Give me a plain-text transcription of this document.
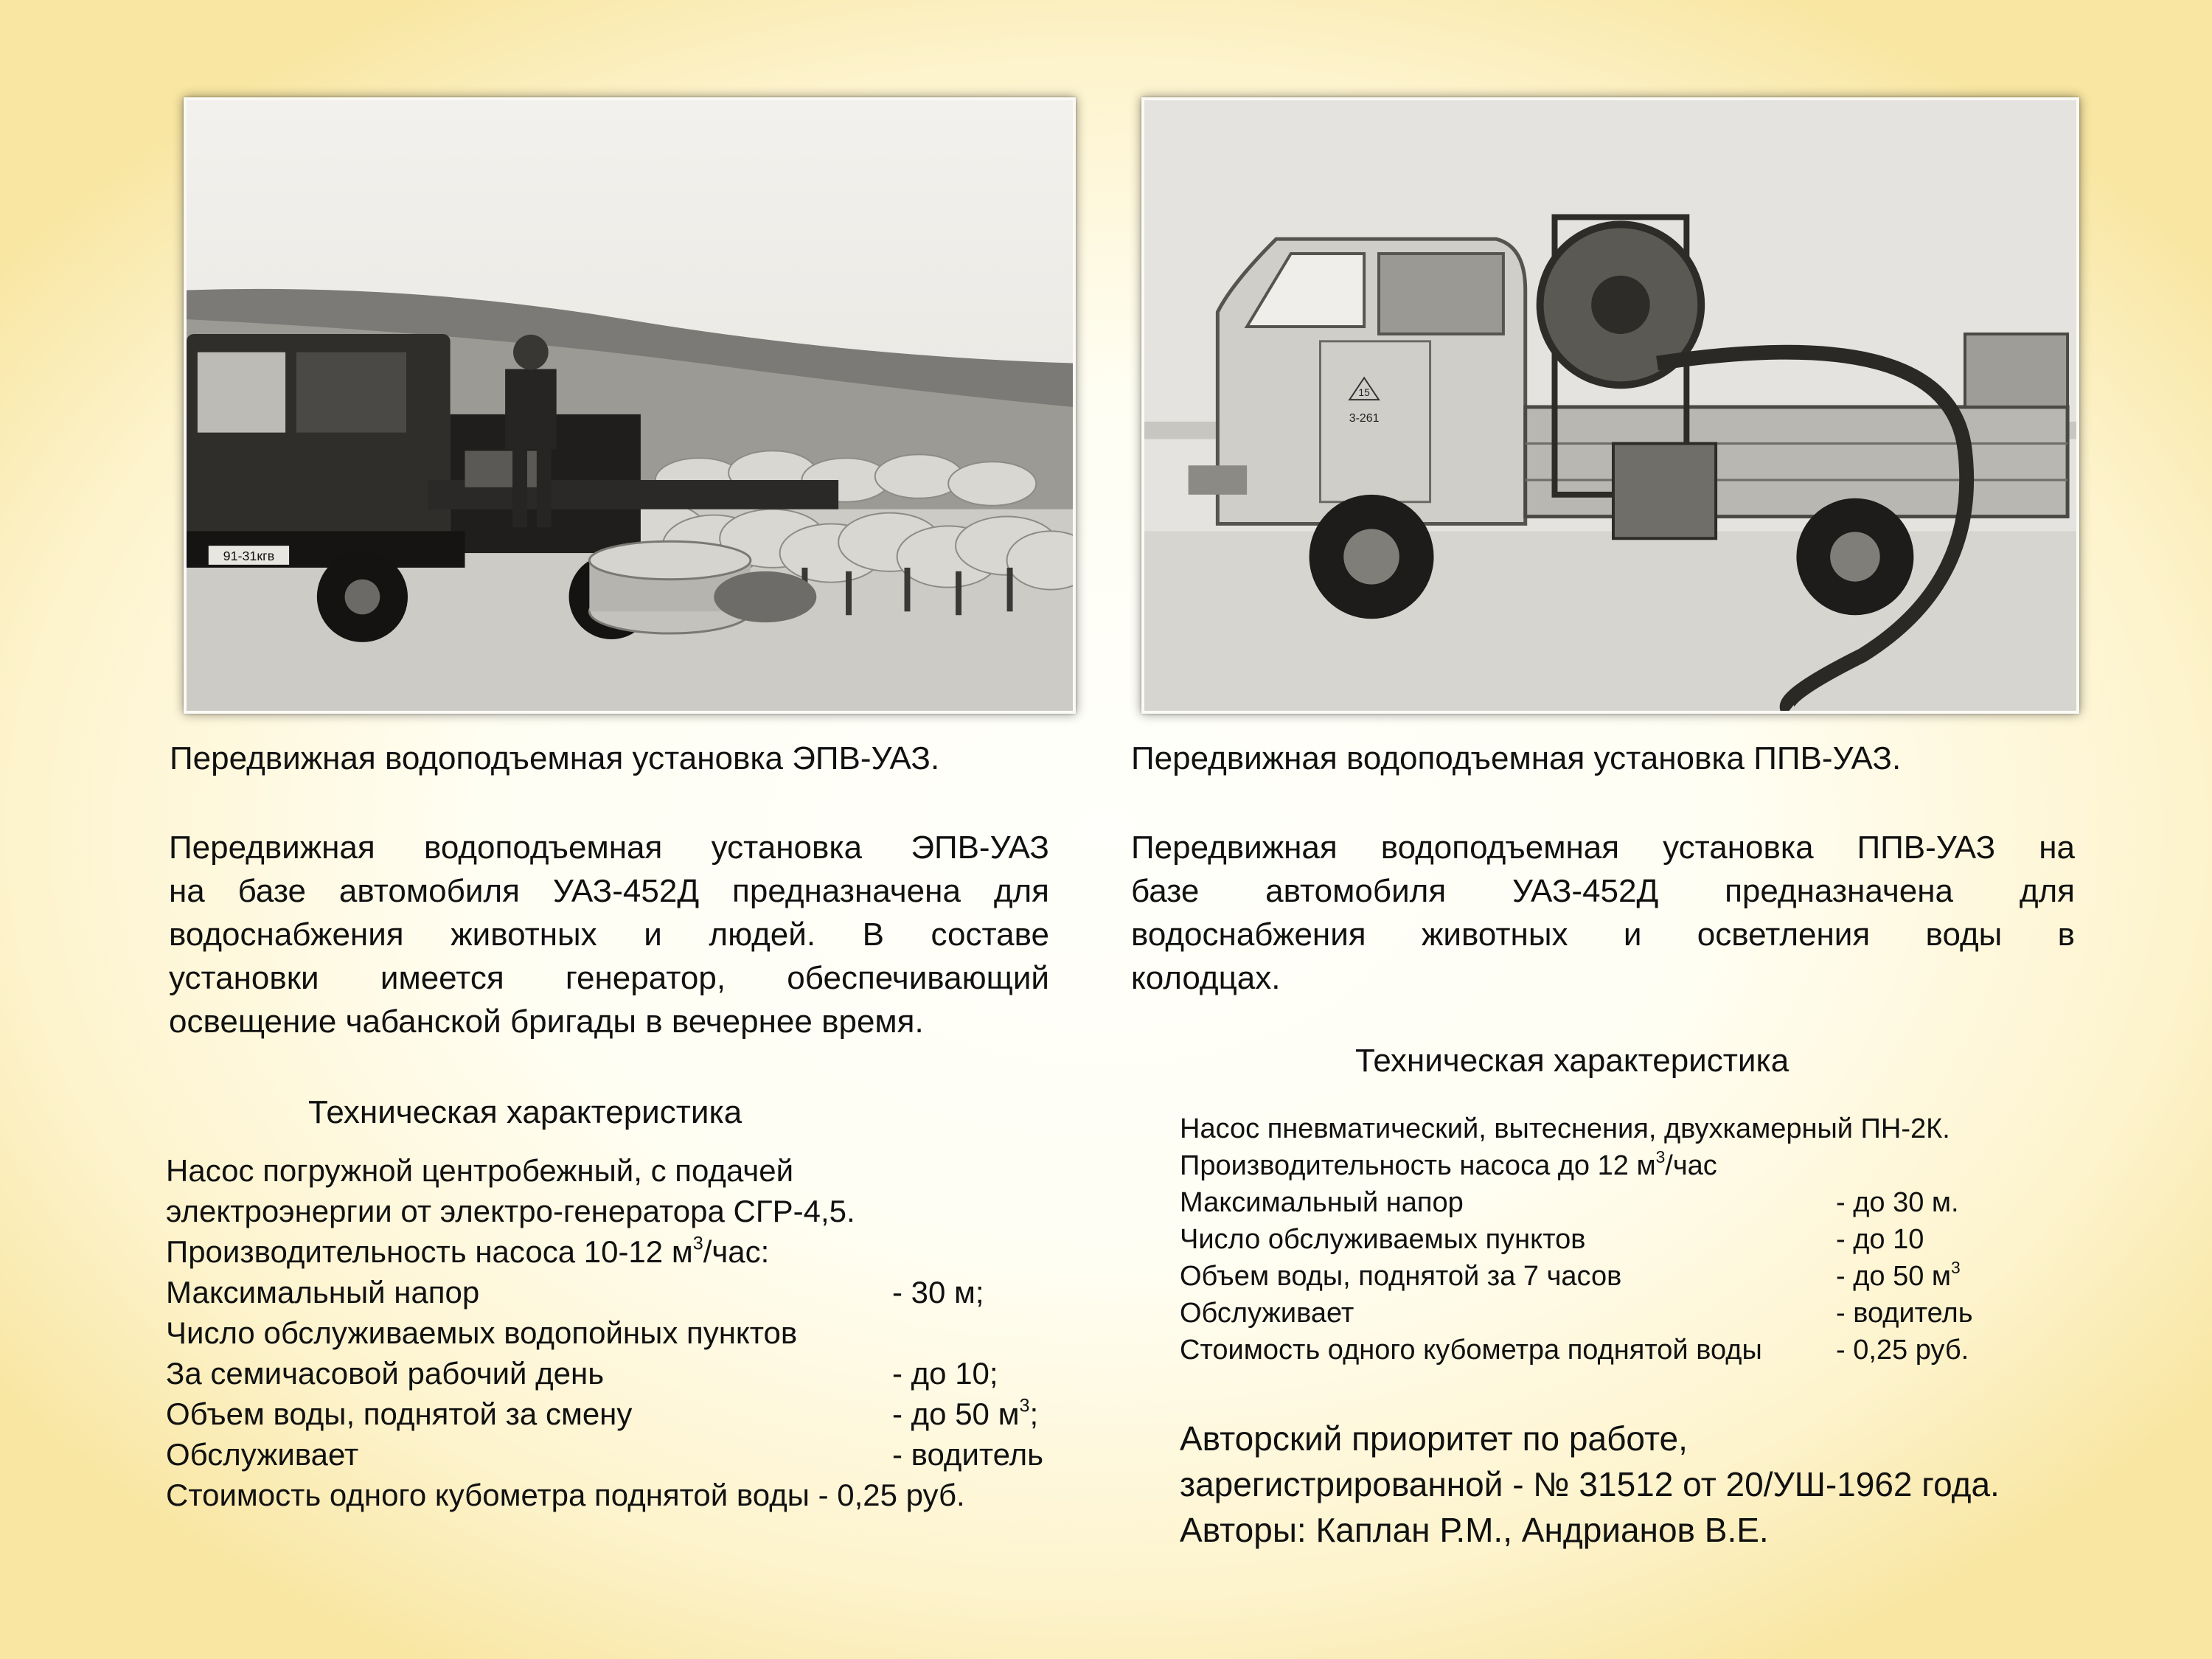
91-31кгв
15
3-261

Передвижная водоподъемная установка ЭПВ-УАЗ.

Передвижная водоподъемная установка ЭПВ-УАЗ
на базе автомобиля УАЗ-452Д предназначена для
водоснабжения животных и людей. В составе
установки имеется генератор, обеспечивающий
освещение чабанской бригады в вечернее время.

Техническая характеристика

Насос погружной центробежный, с подачей

электроэнергии от электро-генератора СГР-4,5.

Производительность насоса 10-12 $м^3$/час:

Максимальный напор	- 30 м;

Число обслуживаемых водопойных пунктов

За семичасовой рабочий день	- до 10;

Объем воды, поднятой за смену	- до 50 $м^3$;

Обслуживает	- водитель

Стоимость одного кубометра поднятой воды - 0,25 руб.

Передвижная водоподъемная установка ППВ-УАЗ.

Передвижная водоподъемная установка ППВ-УАЗ на
базе автомобиля УАЗ-452Д предназначена для
водоснабжения животных и осветления воды в
колодцах.

Техническая характеристика

Насос пневматический, вытеснения, двухкамерный ПН-2К.

Производительность насоса до 12 $м^3$/час

Максимальный напор	- до 30 м.

Число обслуживаемых пунктов	- до 10

Объем воды, поднятой за 7 часов	- до 50 $м^3$

Обслуживает	- водитель

Стоимость одного кубометра поднятой воды	- 0,25 руб.

Авторский приоритет по работе,

зарегистрированной - № 31512 от 20/УШ-1962 года.

Авторы: Каплан Р.М., Андрианов В.Е.
